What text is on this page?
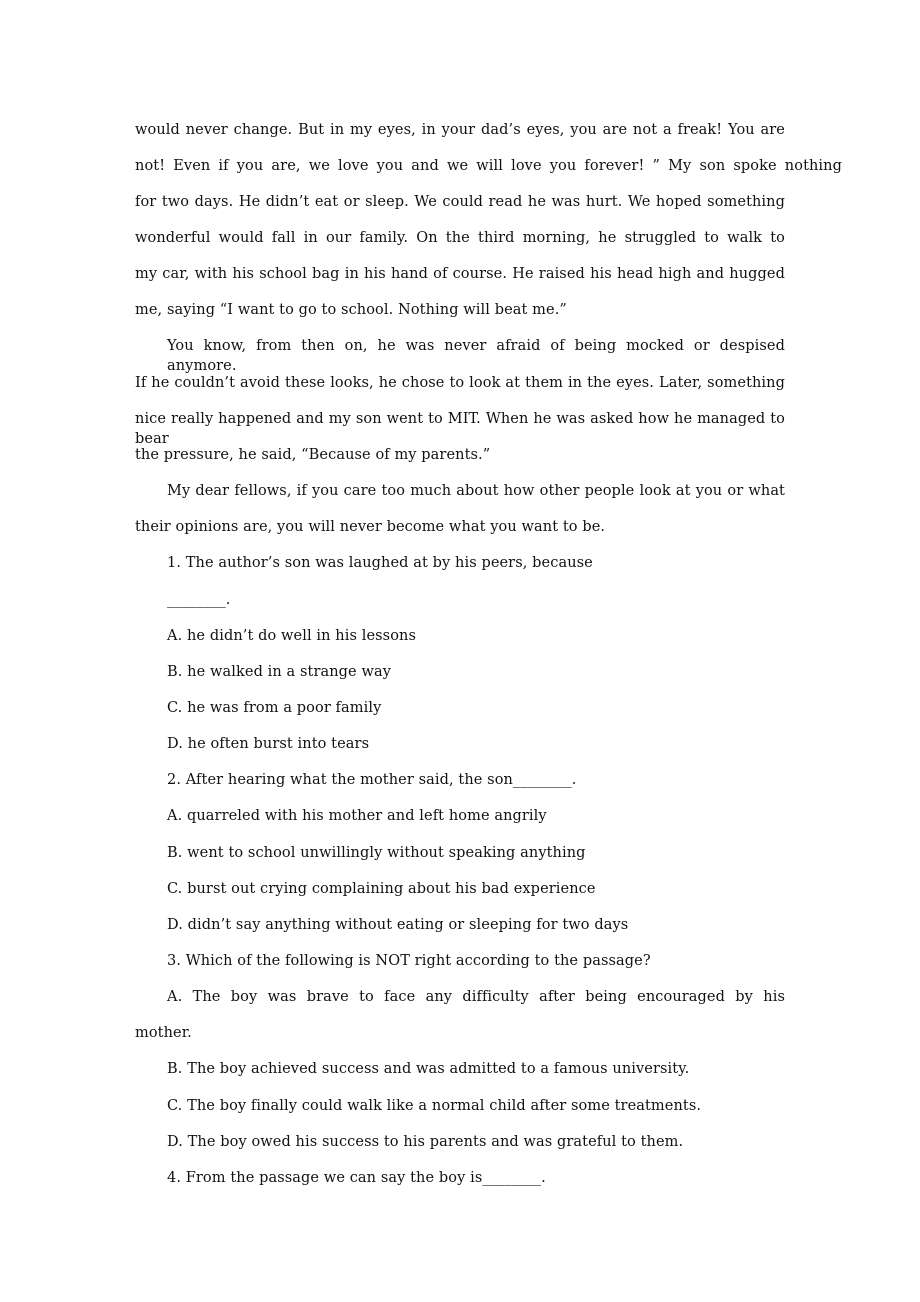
would never change. But in my eyes, in your dad’s eyes, you are not a freak! You are
not! Even if you are, we love you and we will love you forever! ” My son spoke nothing
for two days. He didn’t eat or sleep. We could read he was hurt. We hoped something
wonderful would fall in our family. On the third morning, he struggled to walk to
my car, with his school bag in his hand of course. He raised his head high and hugged
me, saying “I want to go to school. Nothing will beat me.”
You know, from then on, he was never afraid of being mocked or despised anymore.
If he couldn’t avoid these looks, he chose to look at them in the eyes. Later, something
nice really happened and my son went to MIT. When he was asked how he managed to bear
the pressure, he said, “Because of my parents.”
My dear fellows, if you care too much about how other people look at you or what
their opinions are, you will never become what you want to be.
1. The author’s son was laughed at by his peers, because
________.
A. he didn’t do well in his lessons
B. he walked in a strange way
C. he was from a poor family
D. he often burst into tears
2. After hearing what the mother said, the son________.
A. quarreled with his mother and left home angrily
B. went to school unwillingly without speaking anything
C. burst out crying complaining about his bad experience
D. didn’t say anything without eating or sleeping for two days
3. Which of the following is NOT right according to the passage?
A. The boy was brave to face any difficulty after being encouraged by his
mother.
B. The boy achieved success and was admitted to a famous university.
C. The boy finally could walk like a normal child after some treatments.
D. The boy owed his success to his parents and was grateful to them.
4. From the passage we can say the boy is________.
